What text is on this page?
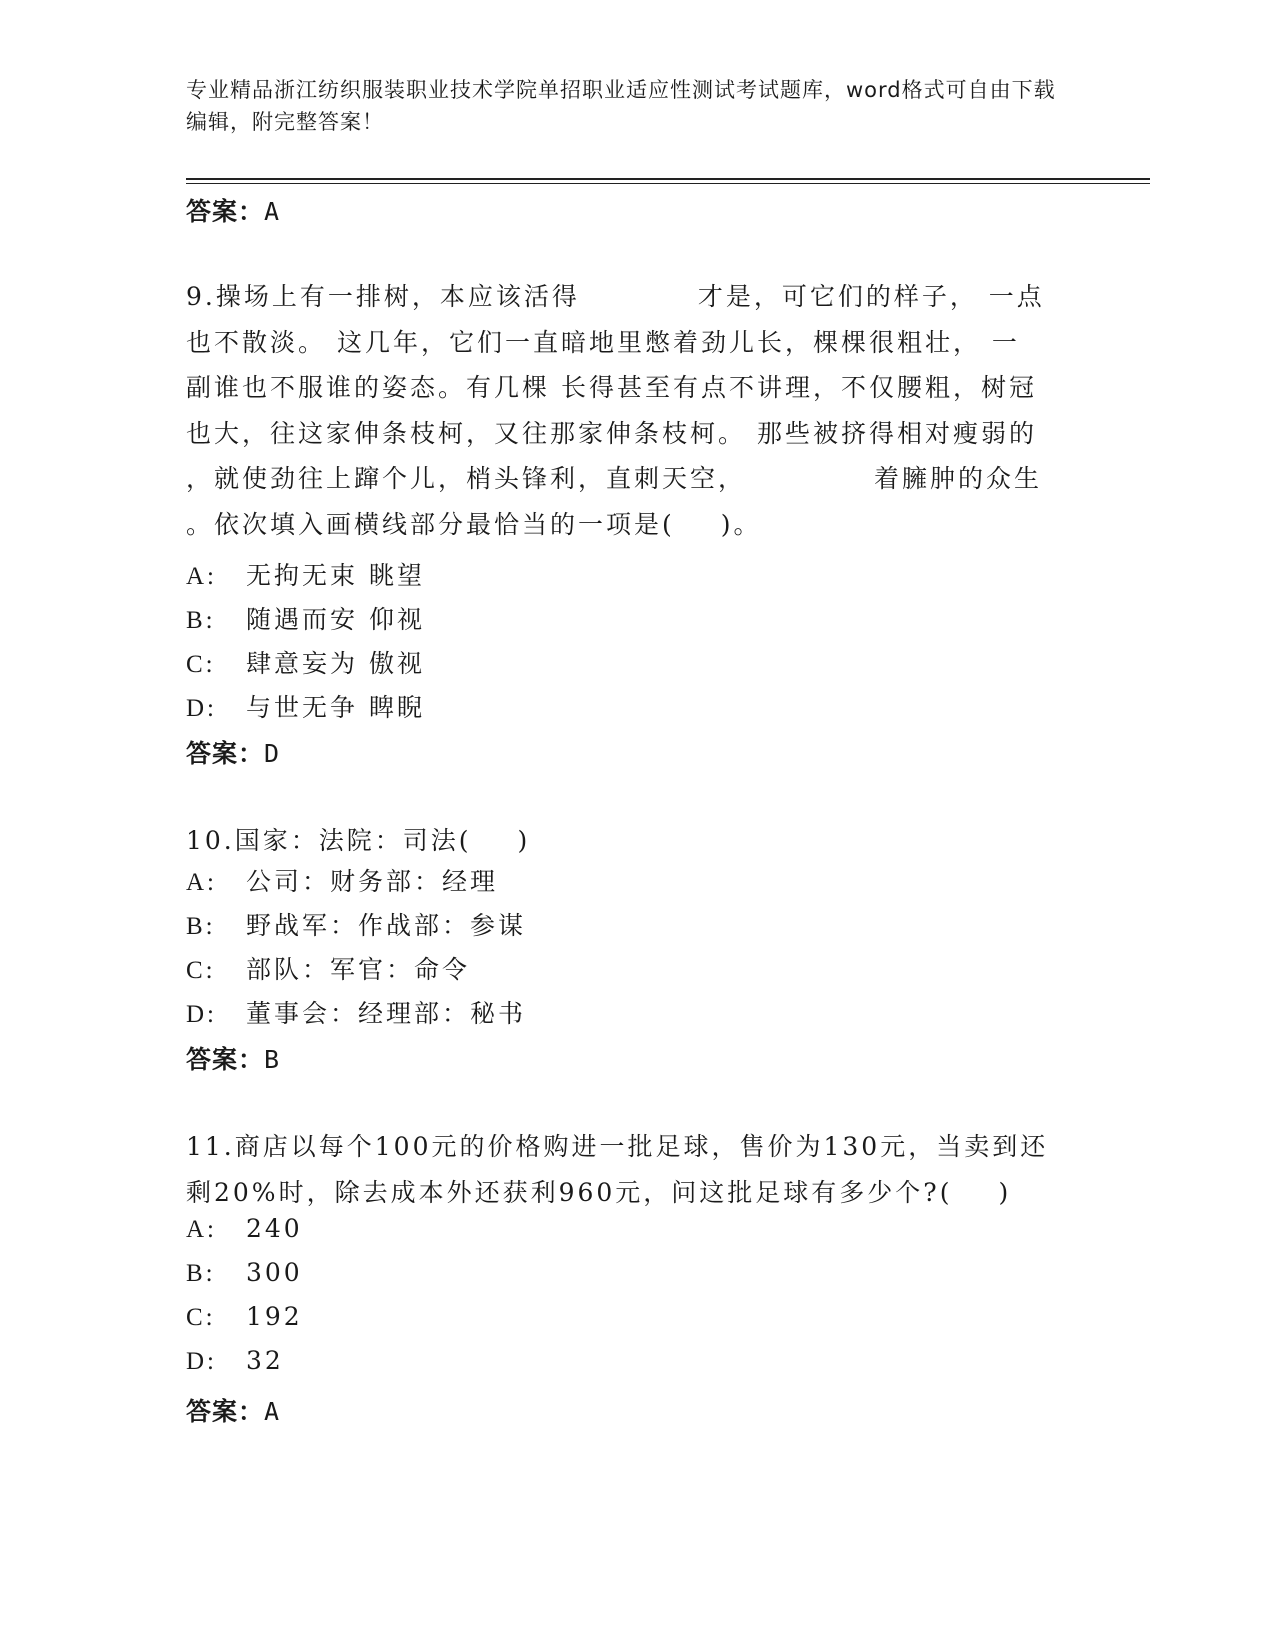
专业精品浙江纺织服装职业技术学院单招职业适应性测试考试题库，word格式可自由下载编辑，附完整答案！
答案：A
9.操场上有一排树，本应该活得	才是，可它们的样子， 一点
也不散淡。 这几年，它们一直暗地里憋着劲儿长，棵棵很粗壮， 一
副谁也不服谁的姿态。有几棵 长得甚至有点不讲理，不仅腰粗，树冠
也大，往这家伸条枝柯，又往那家伸条枝柯。 那些被挤得相对瘦弱的
，就使劲往上蹿个儿，梢头锋利，直刺天空，	着臃肿的众生
。依次填入画横线部分最恰当的一项是( )。
A: 无拘无束 眺望
B: 随遇而安 仰视
C: 肆意妄为 傲视
D: 与世无争 睥睨
答案：D
10.国家：法院：司法( )
A: 公司：财务部：经理
B: 野战军：作战部：参谋
C: 部队：军官：命令
D: 董事会：经理部：秘书
答案：B
11.商店以每个100元的价格购进一批足球，售价为130元，当卖到还
剩20%时，除去成本外还获利960元，问这批足球有多少个?( )
A: 240
B: 300
C: 192
D: 32
答案：A
